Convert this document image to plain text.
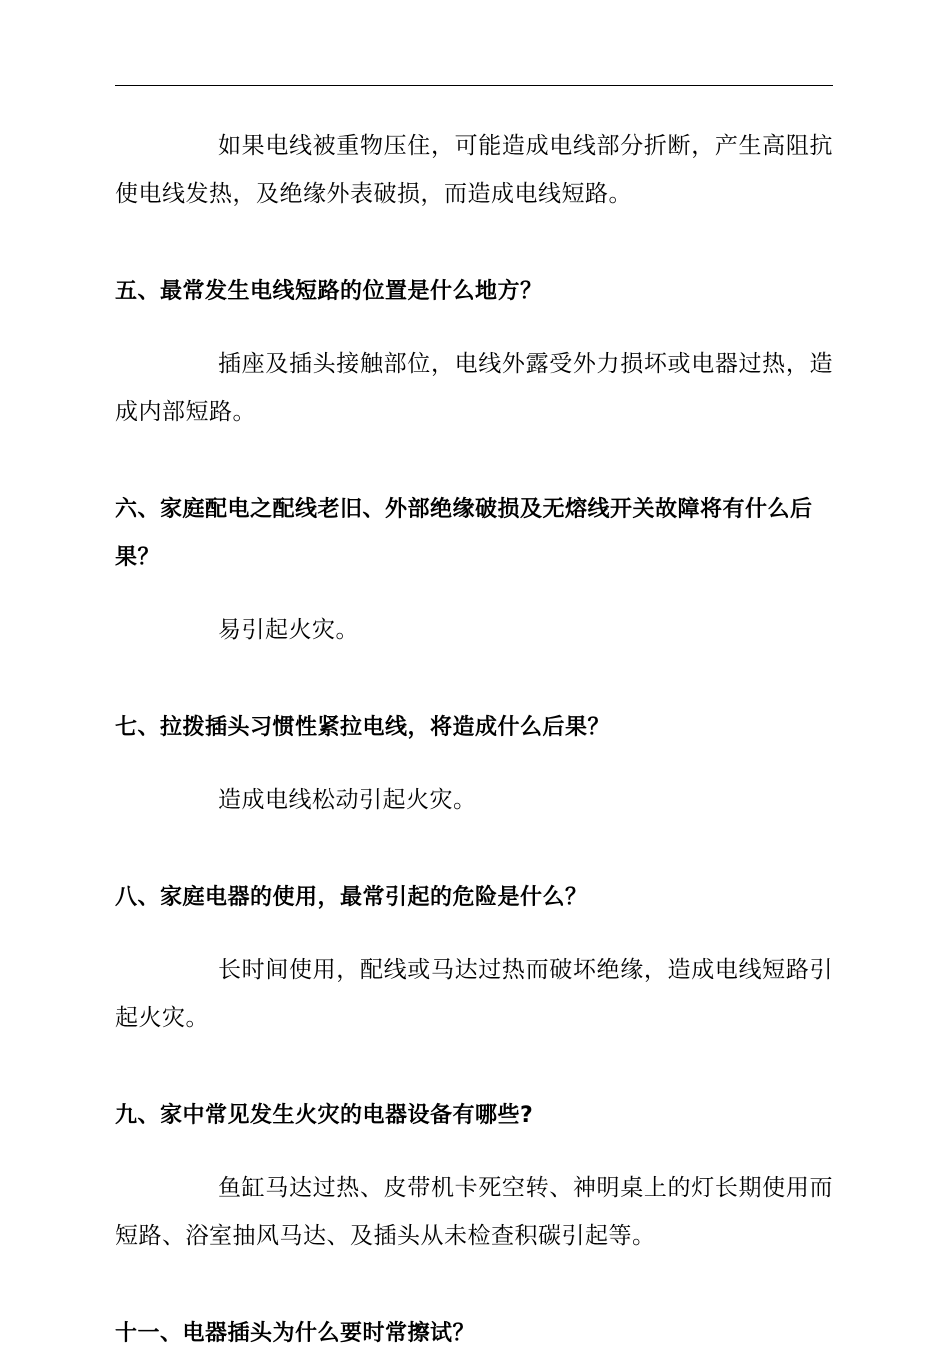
如果电线被重物压住，可能造成电线部分折断，产生高阻抗使电线发热，及绝缘外表破损，而造成电线短路。

五、最常发生电线短路的位置是什么地方？

插座及插头接触部位，电线外露受外力损坏或电器过热，造成内部短路。

六、家庭配电之配线老旧、外部绝缘破损及无熔线开关故障将有什么后果？

易引起火灾。

七、拉拨插头习惯性紧拉电线，将造成什么后果？

造成电线松动引起火灾。

八、家庭电器的使用，最常引起的危险是什么？

长时间使用，配线或马达过热而破坏绝缘，造成电线短路引起火灾。

九、家中常见发生火灾的电器设备有哪些?

鱼缸马达过热、皮带机卡死空转、神明桌上的灯长期使用而短路、浴室抽风马达、及插头从未检查积碳引起等。

十一、电器插头为什么要时常擦试？
